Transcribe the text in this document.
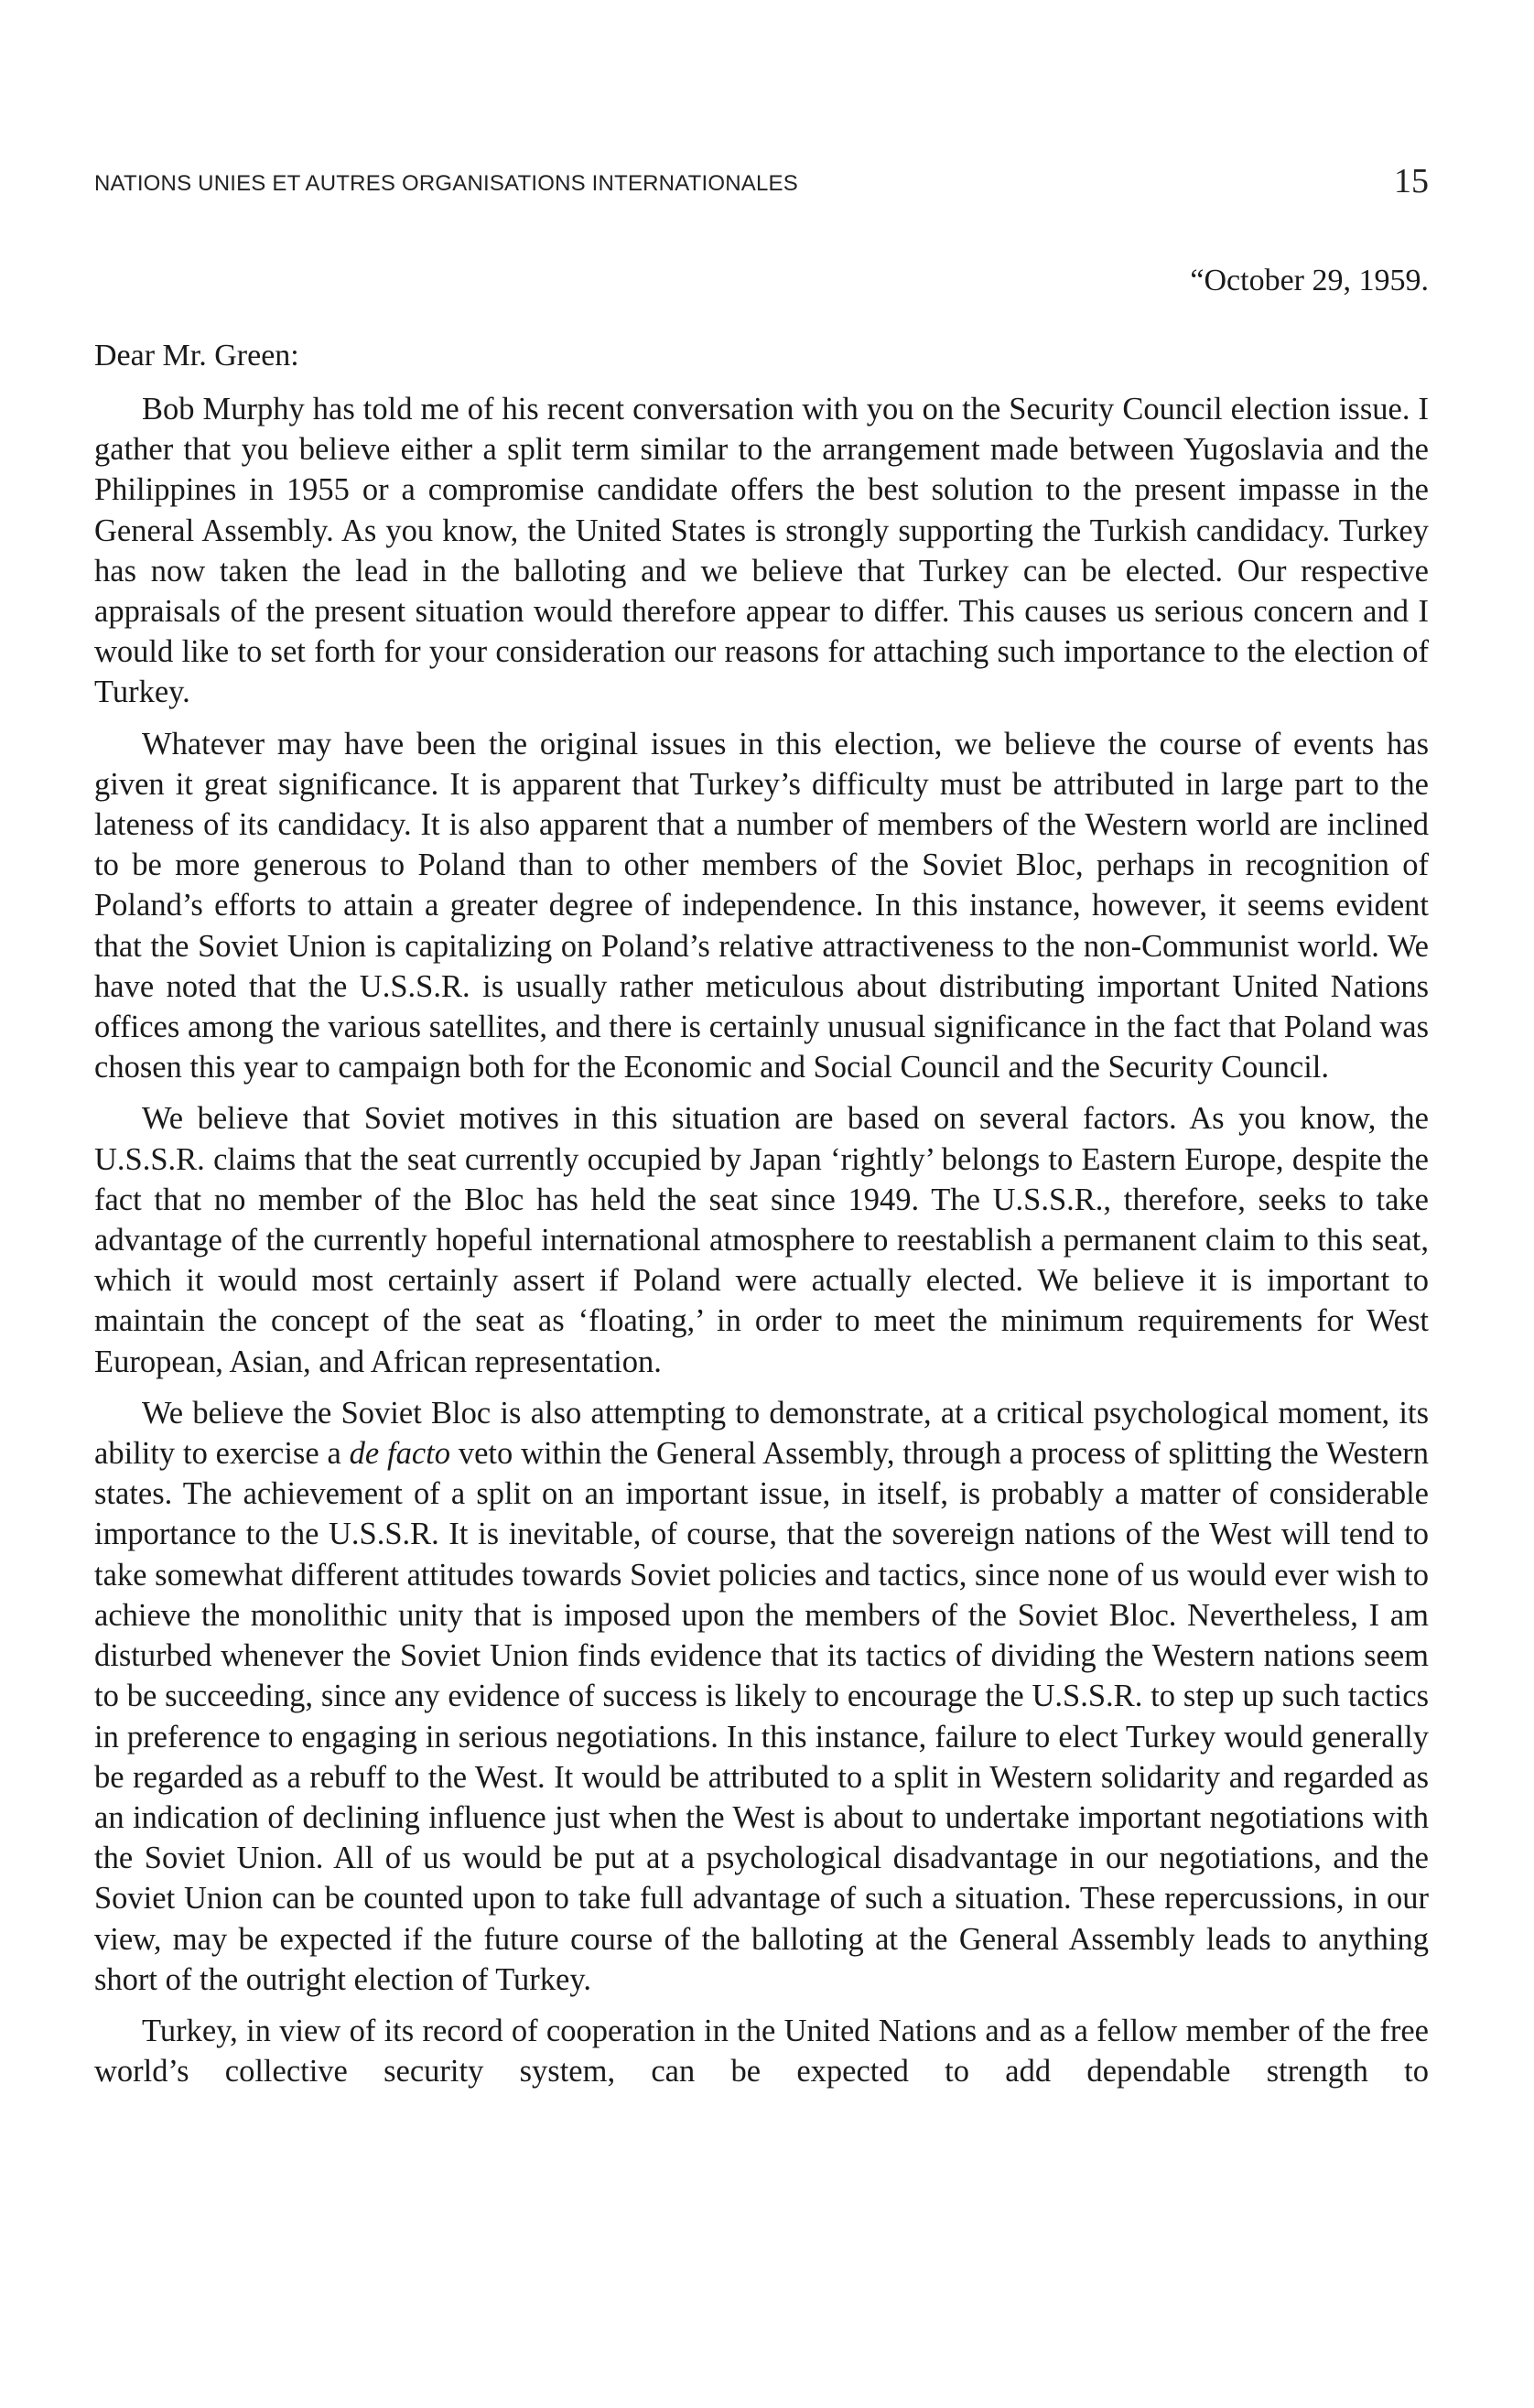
NATIONS UNIES ET AUTRES ORGANISATIONS INTERNATIONALES	15
“October 29, 1959.
Dear Mr. Green:

Bob Murphy has told me of his recent conversation with you on the Security Council election issue. I gather that you believe either a split term similar to the arrangement made between Yugoslavia and the Philippines in 1955 or a compromise candidate offers the best solution to the present impasse in the General Assembly. As you know, the United States is strongly supporting the Turkish candidacy. Turkey has now taken the lead in the balloting and we believe that Turkey can be elected. Our respective appraisals of the present situation would therefore appear to differ. This causes us serious concern and I would like to set forth for your consideration our reasons for attaching such importance to the election of Turkey.

Whatever may have been the original issues in this election, we believe the course of events has given it great significance. It is apparent that Turkey’s difficulty must be attributed in large part to the lateness of its candidacy. It is also apparent that a number of members of the Western world are inclined to be more generous to Poland than to other members of the Soviet Bloc, perhaps in recognition of Poland’s efforts to attain a greater degree of independence. In this instance, however, it seems evident that the Soviet Union is capitalizing on Poland’s relative attractiveness to the non-Communist world. We have noted that the U.S.S.R. is usually rather meticulous about distributing important United Nations offices among the various satellites, and there is certainly unusual significance in the fact that Poland was chosen this year to campaign both for the Economic and Social Council and the Security Council.

We believe that Soviet motives in this situation are based on several factors. As you know, the U.S.S.R. claims that the seat currently occupied by Japan ‘rightly’ belongs to Eastern Europe, despite the fact that no member of the Bloc has held the seat since 1949. The U.S.S.R., therefore, seeks to take advantage of the currently hopeful international atmosphere to reestablish a permanent claim to this seat, which it would most certainly assert if Poland were actually elected. We believe it is important to maintain the concept of the seat as ‘floating,’ in order to meet the minimum requirements for West European, Asian, and African representation.

We believe the Soviet Bloc is also attempting to demonstrate, at a critical psychological moment, its ability to exercise a de facto veto within the General Assembly, through a process of splitting the Western states. The achievement of a split on an important issue, in itself, is probably a matter of considerable importance to the U.S.S.R. It is inevitable, of course, that the sovereign nations of the West will tend to take somewhat different attitudes towards Soviet policies and tactics, since none of us would ever wish to achieve the monolithic unity that is imposed upon the members of the Soviet Bloc. Nevertheless, I am disturbed whenever the Soviet Union finds evidence that its tactics of dividing the Western nations seem to be succeeding, since any evidence of success is likely to encourage the U.S.S.R. to step up such tactics in preference to engaging in serious negotiations. In this instance, failure to elect Turkey would generally be regarded as a rebuff to the West. It would be attributed to a split in Western solidarity and regarded as an indication of declining influence just when the West is about to undertake important negotiations with the Soviet Union. All of us would be put at a psychological disadvantage in our negotiations, and the Soviet Union can be counted upon to take full advantage of such a situation. These repercussions, in our view, may be expected if the future course of the balloting at the General Assembly leads to anything short of the outright election of Turkey.

Turkey, in view of its record of cooperation in the United Nations and as a fellow member of the free world’s collective security system, can be expected to add dependable strength to
